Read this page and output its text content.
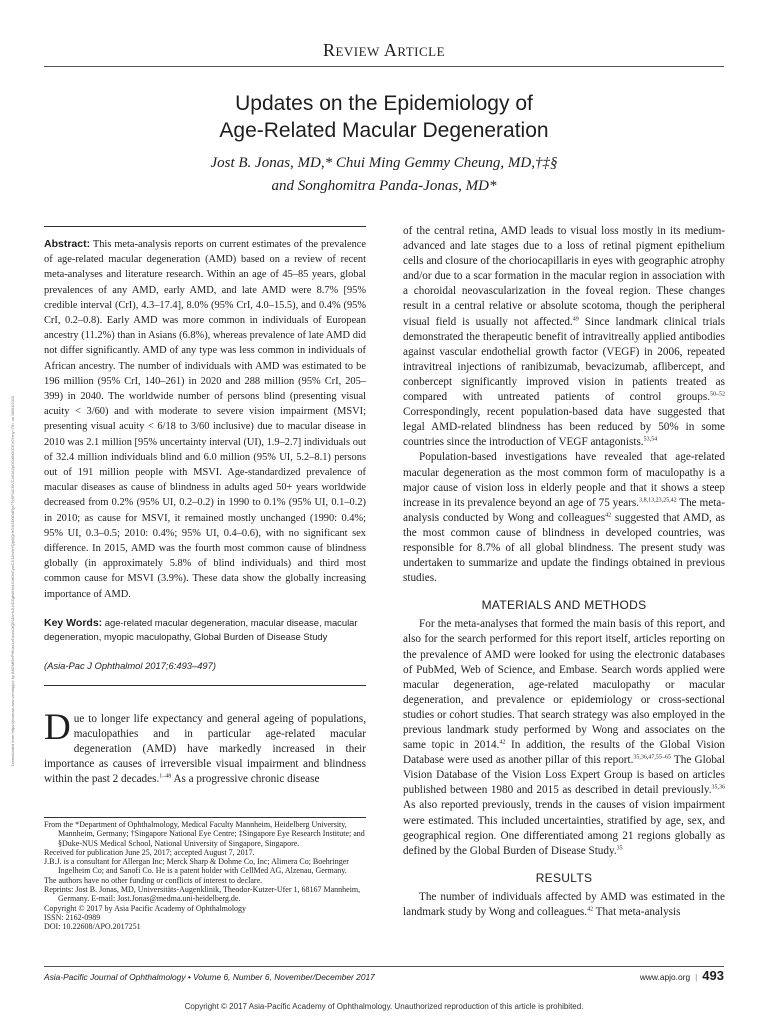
Review Article
Updates on the Epidemiology of
Age-Related Macular Degeneration
Jost B. Jonas, MD,* Chui Ming Gemmy Cheung, MD,†‡§
and Songhomitra Panda-Jonas, MD*
Downloaded from https://journals.lww.com/apjoo by BhDMf5ePHKav1zEoum1tQfN4a+kJLhEZgbsIHo4XMi0hCywCX1AWnYQp/IlQrHD3i3D0OdRyi7TvSFl4Cf3VC4/OAVpDDa8KKGKV0Ymy+78= on 08/01/2020
Abstract: This meta-analysis reports on current estimates of the prevalence of age-related macular degeneration (AMD) based on a review of recent meta-analyses and literature research. Within an age of 45–85 years, global prevalences of any AMD, early AMD, and late AMD were 8.7% [95% credible interval (CrI), 4.3–17.4], 8.0% (95% CrI, 4.0–15.5), and 0.4% (95% CrI, 0.2–0.8). Early AMD was more common in individuals of European ancestry (11.2%) than in Asians (6.8%), whereas prevalence of late AMD did not differ significantly. AMD of any type was less common in individuals of African ancestry. The number of individuals with AMD was estimated to be 196 million (95% CrI, 140–261) in 2020 and 288 million (95% CrI, 205–399) in 2040. The worldwide number of persons blind (presenting visual acuity < 3/60) and with moderate to severe vision impairment (MSVI; presenting visual acuity < 6/18 to 3/60 inclusive) due to macular disease in 2010 was 2.1 million [95% uncertainty interval (UI), 1.9–2.7] individuals out of 32.4 million individuals blind and 6.0 million (95% UI, 5.2–8.1) persons out of 191 million people with MSVI. Age-standardized prevalence of macular diseases as cause of blindness in adults aged 50+ years worldwide decreased from 0.2% (95% UI, 0.2–0.2) in 1990 to 0.1% (95% UI, 0.1–0.2) in 2010; as cause for MSVI, it remained mostly unchanged (1990: 0.4%; 95% UI, 0.3–0.5; 2010: 0.4%; 95% UI, 0.4–0.6), with no significant sex difference. In 2015, AMD was the fourth most common cause of blindness globally (in approximately 5.8% of blind individuals) and third most common cause for MSVI (3.9%). These data show the globally increasing importance of AMD.
Key Words: age-related macular degeneration, macular disease, macular degeneration, myopic maculopathy, Global Burden of Disease Study
(Asia-Pac J Ophthalmol 2017;6:493–497)
Due to longer life expectancy and general ageing of populations, maculopathies and in particular age-related macular degeneration (AMD) have markedly increased in their importance as causes of irreversible visual impairment and blindness within the past 2 decades.$^{1-48}$ As a progressive chronic disease

From the *Department of Ophthalmology, Medical Faculty Mannheim, Heidelberg University, Mannheim, Germany; †Singapore National Eye Centre; ‡Singapore Eye Research Institute; and §Duke-NUS Medical School, National University of Singapore, Singapore.

Received for publication June 25, 2017; accepted August 7, 2017.

J.B.J. is a consultant for Allergan Inc; Merck Sharp & Dohme Co, Inc; Alimera Co; Boehringer Ingelheim Co; and Sanofi Co. He is a patent holder with CellMed AG, Alzenau, Germany.

The authors have no other funding or conflicts of interest to declare.

Reprints: Jost B. Jonas, MD, Universitäts-Augenklinik, Theodor-Kutzer-Ufer 1, 68167 Mannheim, Germany. E-mail: Jost.Jonas@medma.uni-heidelberg.de.

Copyright © 2017 by Asia Pacific Academy of Ophthalmology

ISSN: 2162-0989

DOI: 10.22608/APO.2017251

of the central retina, AMD leads to visual loss mostly in its medium-advanced and late stages due to a loss of retinal pigment epithelium cells and closure of the choriocapillaris in eyes with geographic atrophy and/or due to a scar formation in the macular region in association with a choroidal neovascularization in the foveal region. These changes result in a central relative or absolute scotoma, though the peripheral visual field is usually not affected.$^{49}$ Since landmark clinical trials demonstrated the therapeutic benefit of intravitreally applied antibodies against vascular endothelial growth factor (VEGF) in 2006, repeated intravitreal injections of ranibizumab, bevacizumab, aflibercept, and conbercept significantly improved vision in patients treated as compared with untreated patients of control groups.$^{50-52}$ Correspondingly, recent population-based data have suggested that legal AMD-related blindness has been reduced by 50% in some countries since the introduction of VEGF antagonists.$^{53,54}$

Population-based investigations have revealed that age-related macular degeneration as the most common form of maculopathy is a major cause of vision loss in elderly people and that it shows a steep increase in its prevalence beyond an age of 75 years.$^{3,8,13,23,25,42}$ The meta-analysis conducted by Wong and colleagues$^{42}$ suggested that AMD, as the most common cause of blindness in developed countries, was responsible for 8.7% of all global blindness. The present study was undertaken to summarize and update the findings obtained in previous studies.

MATERIALS AND METHODS

For the meta-analyses that formed the main basis of this report, and also for the search performed for this report itself, articles reporting on the prevalence of AMD were looked for using the electronic databases of PubMed, Web of Science, and Embase. Search words applied were macular degeneration, age-related maculopathy or macular degeneration, and prevalence or epidemiology or cross-sectional studies or cohort studies. That search strategy was also employed in the previous landmark study performed by Wong and associates on the same topic in 2014.42 In addition, the results of the Global Vision Database were used as another pillar of this report.$^{35,36,47,55-65}$ The Global Vision Database of the Vision Loss Expert Group is based on articles published between 1980 and 2015 as described in detail previously.$^{35,36}$ As also reported previously, trends in the causes of vision impairment were estimated. This included uncertainties, stratified by age, sex, and geographical region. One differentiated among 21 regions globally as defined by the Global Burden of Disease Study.$^{35}$

RESULTS

The number of individuals affected by AMD was estimated in the landmark study by Wong and colleagues.$^{42}$ That meta-analysis

Asia-Pacific Journal of Ophthalmology • Volume 6, Number 6, November/December 2017	www.apjo.org | 493
Copyright © 2017 Asia-Pacific Academy of Ophthalmology. Unauthorized reproduction of this article is prohibited.
